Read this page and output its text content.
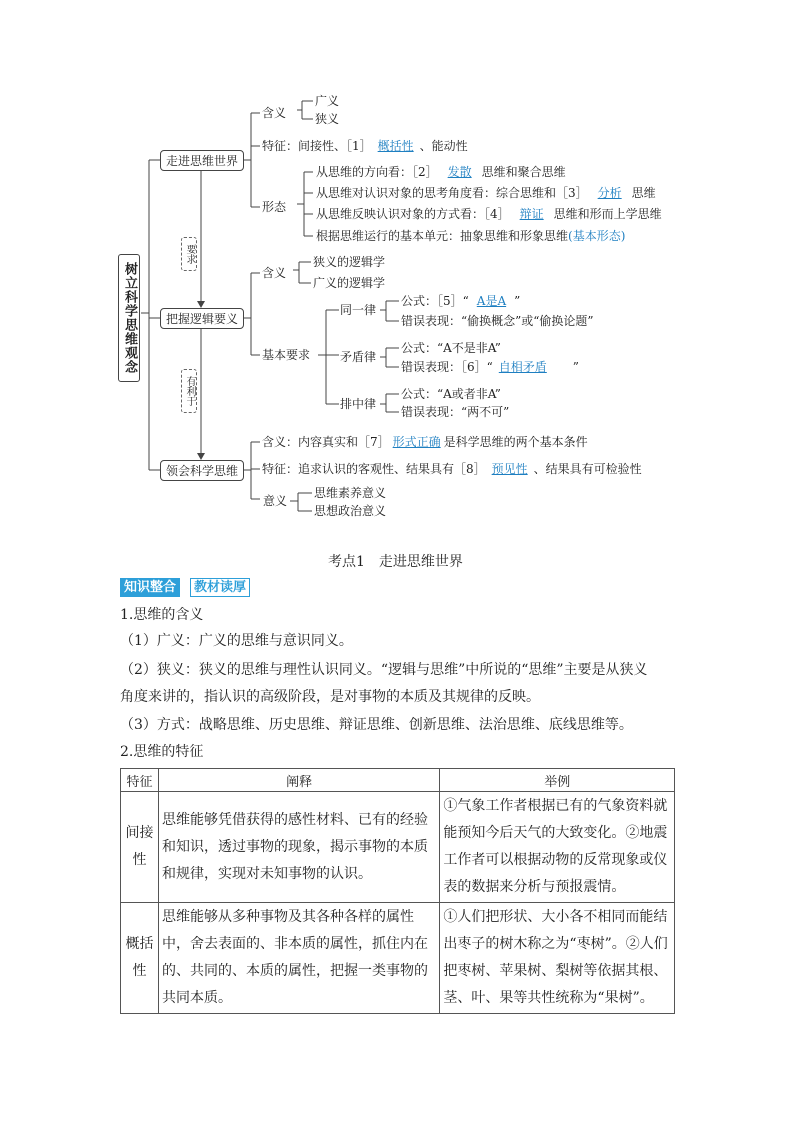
树立科学思维观念
要求
有利于
走进思维世界
把握逻辑要义
领会科学思维
含义
广义
狭义
特征：间接性、［1］ 概括性 、能动性
形态
从思维的方向看：［2］ 发散 思维和聚合思维
从思维对认识对象的思考角度看：综合思维和［3］ 分析 思维
从思维反映认识对象的方式看：［4］ 辩证 思维和形而上学思维
根据思维运行的基本单元：抽象思维和形象思维(基本形态)
含义
狭义的逻辑学
广义的逻辑学
基本要求
同一律
公式：［5］“ A是A ”
错误表现：“偷换概念”或“偷换论题”
矛盾律
公式：“A不是非A”
错误表现：［6］“ 自相矛盾 ”
排中律
公式：“A或者非A”
错误表现：“两不可”
含义：内容真实和［7］ 形式正确 是科学思维的两个基本条件
特征：追求认识的客观性、结果具有［8］ 预见性 、结果具有可检验性
意义
思维素养意义
思想政治意义
考点1　走进思维世界
知识整合	教材读厚
1.思维的含义
（1）广义：广义的思维与意识同义。
（2）狭义：狭义的思维与理性认识同义。“逻辑与思维”中所说的“思维”主要是从狭义
角度来讲的，指认识的高级阶段，是对事物的本质及其规律的反映。
（3）方式：战略思维、历史思维、辩证思维、创新思维、法治思维、底线思维等。
2.思维的特征
特征	阐释	举例

间接性	思维能够凭借获得的感性材料、已有的经验和知识，透过事物的现象，揭示事物的本质和规律，实现对未知事物的认识。	①气象工作者根据已有的气象资料就能预知今后天气的大致变化。②地震工作者可以根据动物的反常现象或仪表的数据来分析与预报震情。

概括性	思维能够从多种事物及其各种各样的属性中，舍去表面的、非本质的属性，抓住内在的、共同的、本质的属性，把握一类事物的共同本质。	①人们把形状、大小各不相同而能结出枣子的树木称之为“枣树”。②人们把枣树、苹果树、梨树等依据其根、茎、叶、果等共性统称为“果树”。
